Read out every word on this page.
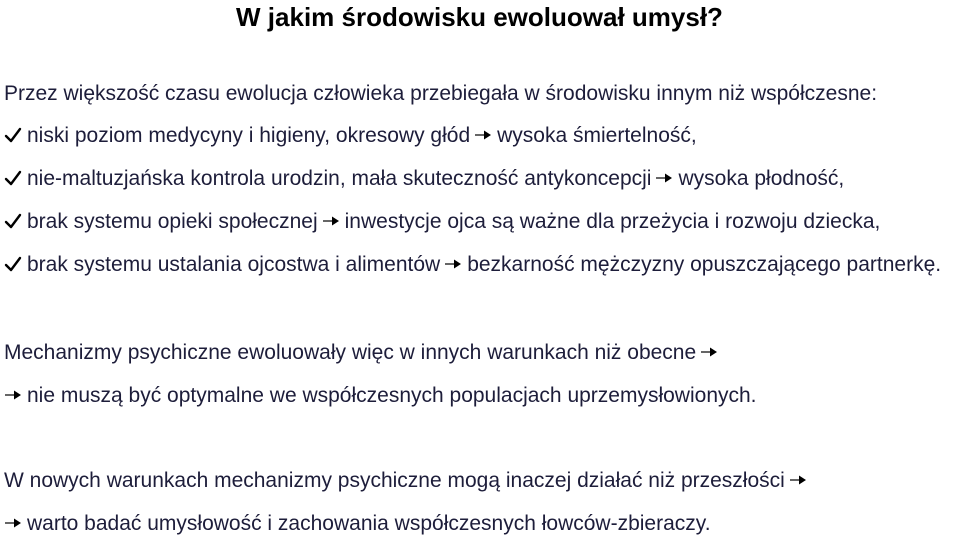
W jakim środowisku ewoluował umysł?
Przez większość czasu ewolucja człowieka przebiegała w środowisku innym niż współczesne:
niski poziom medycyny i higieny, okresowy głód wysoka śmiertelność,
nie-maltuzjańska kontrola urodzin, mała skuteczność antykoncepcji wysoka płodność,
brak systemu opieki społecznej inwestycje ojca są ważne dla przeżycia i rozwoju dziecka,
brak systemu ustalania ojcostwa i alimentów bezkarność mężczyzny opuszczającego partnerkę.
Mechanizmy psychiczne ewoluowały więc w innych warunkach niż obecne
nie muszą być optymalne we współczesnych populacjach uprzemysłowionych.
W nowych warunkach mechanizmy psychiczne mogą inaczej działać niż przeszłości
warto badać umysłowość i zachowania współczesnych łowców-zbieraczy.
